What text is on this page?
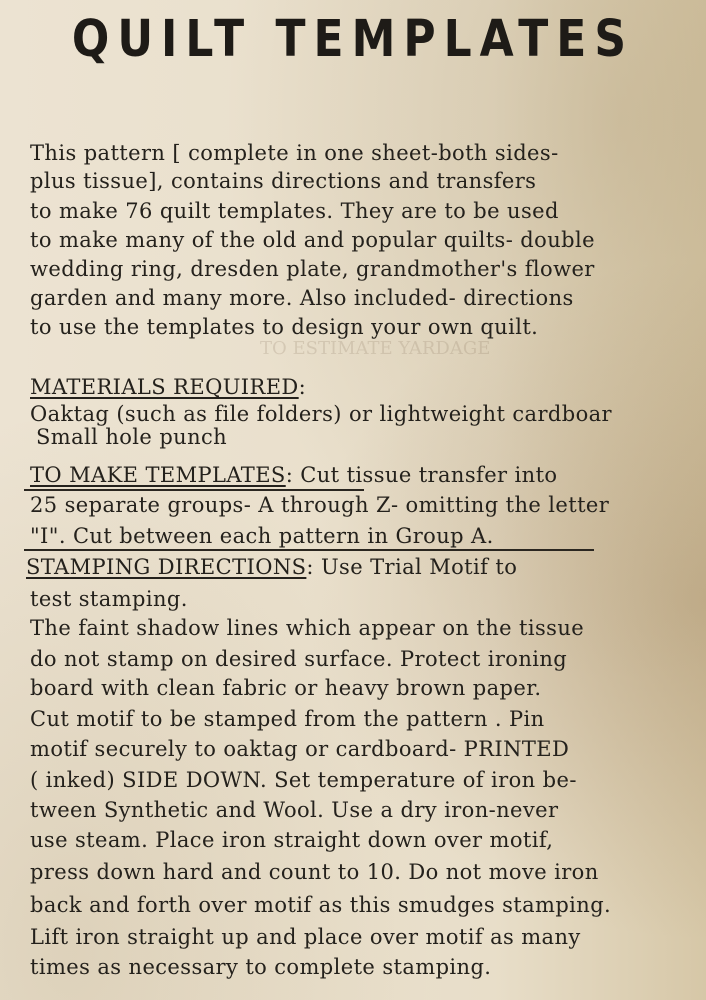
TO ESTIMATE YARDAGE
QUILT TEMPLATES
This pattern [ complete in one sheet-both sides-
plus tissue], contains directions and transfers
to make 76 quilt templates. They are to be used
to make many of the old and popular quilts- double
wedding ring, dresden plate, grandmother's flower
garden and many more. Also included- directions
to use the templates to design your own quilt.
MATERIALS REQUIRED:
Oaktag (such as file folders) or lightweight cardboar
Small hole punch
TO MAKE TEMPLATES: Cut tissue transfer into
25 separate groups- A through Z- omitting the letter
"I". Cut between each pattern in Group A.
STAMPING DIRECTIONS: Use Trial Motif to
test stamping.
The faint shadow lines which appear on the tissue
do not stamp on desired surface. Protect ironing
board with clean fabric or heavy brown paper.
Cut motif to be stamped from the pattern . Pin
motif securely to oaktag or cardboard- PRINTED
( inked) SIDE DOWN. Set temperature of iron be-
tween Synthetic and Wool. Use a dry iron-never
use steam. Place iron straight down over motif,
press down hard and count to 10. Do not move iron
back and forth over motif as this smudges stamping.
Lift iron straight up and place over motif as many
times as necessary to complete stamping.
